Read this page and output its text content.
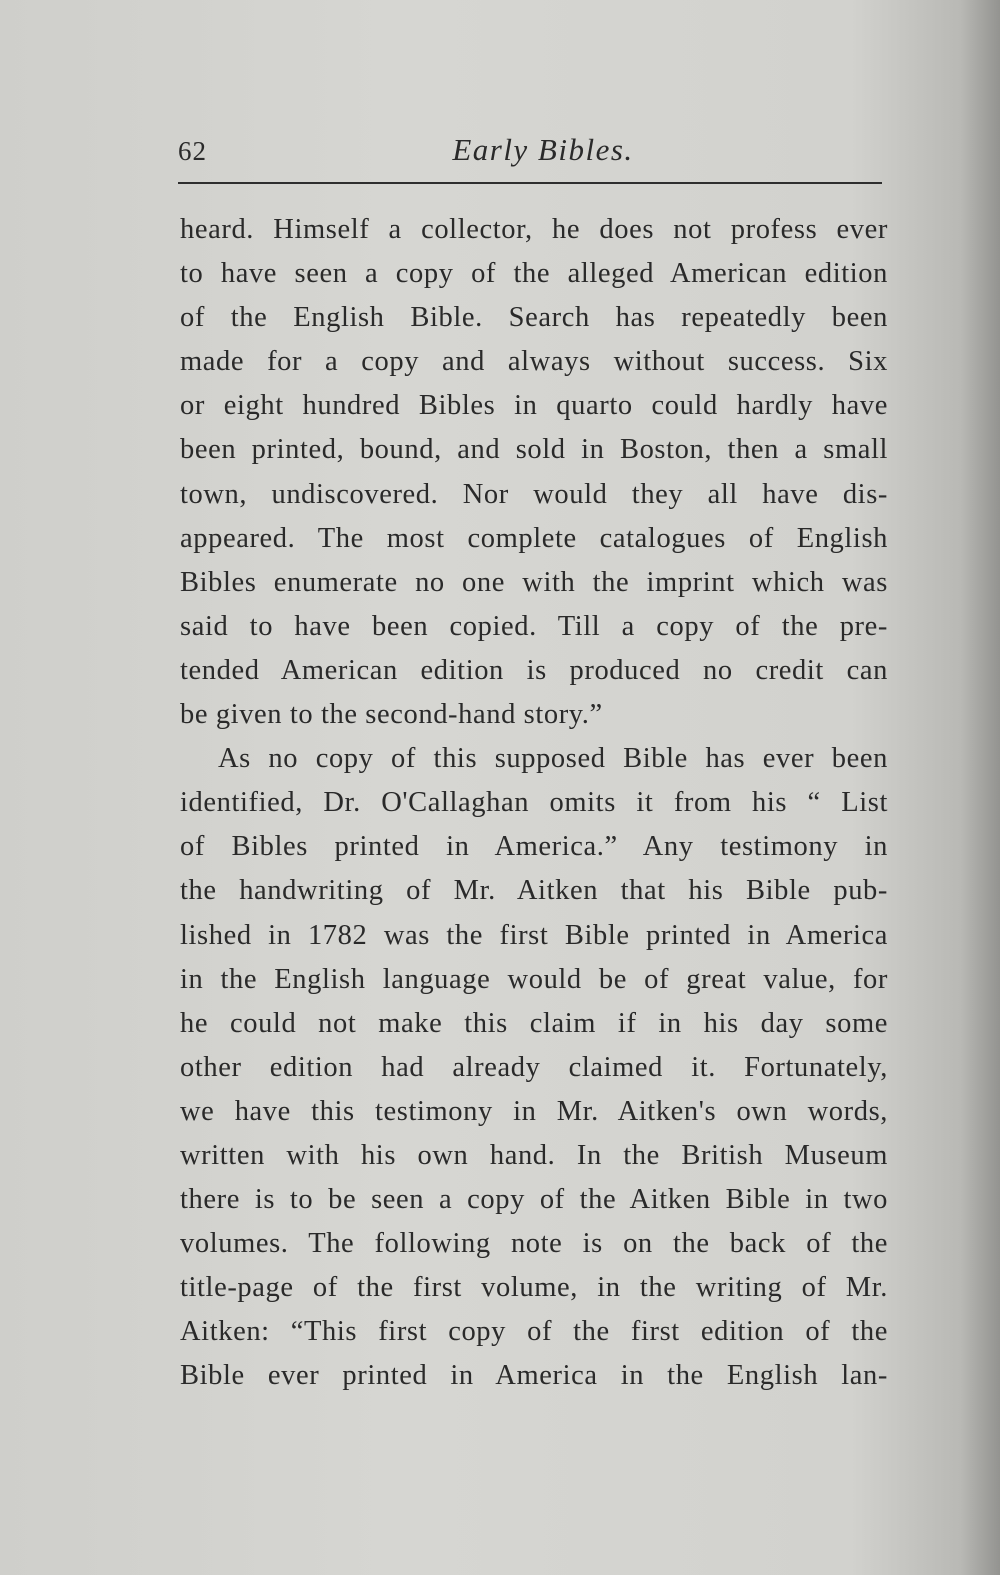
62	Early Bibles.
heard. Himself a collector, he does not profess ever
to have seen a copy of the alleged American edition
of the English Bible. Search has repeatedly been
made for a copy and always without success. Six
or eight hundred Bibles in quarto could hardly have
been printed, bound, and sold in Boston, then a small
town, undiscovered. Nor would they all have dis-
appeared. The most complete catalogues of English
Bibles enumerate no one with the imprint which was
said to have been copied. Till a copy of the pre-
tended American edition is produced no credit can
be given to the second-hand story.”
As no copy of this supposed Bible has ever been
identified, Dr. O'Callaghan omits it from his “ List
of Bibles printed in America.” Any testimony in
the handwriting of Mr. Aitken that his Bible pub-
lished in 1782 was the first Bible printed in America
in the English language would be of great value, for
he could not make this claim if in his day some
other edition had already claimed it. Fortunately,
we have this testimony in Mr. Aitken's own words,
written with his own hand. In the British Museum
there is to be seen a copy of the Aitken Bible in two
volumes. The following note is on the back of the
title-page of the first volume, in the writing of Mr.
Aitken: “This first copy of the first edition of the
Bible ever printed in America in the English lan-
